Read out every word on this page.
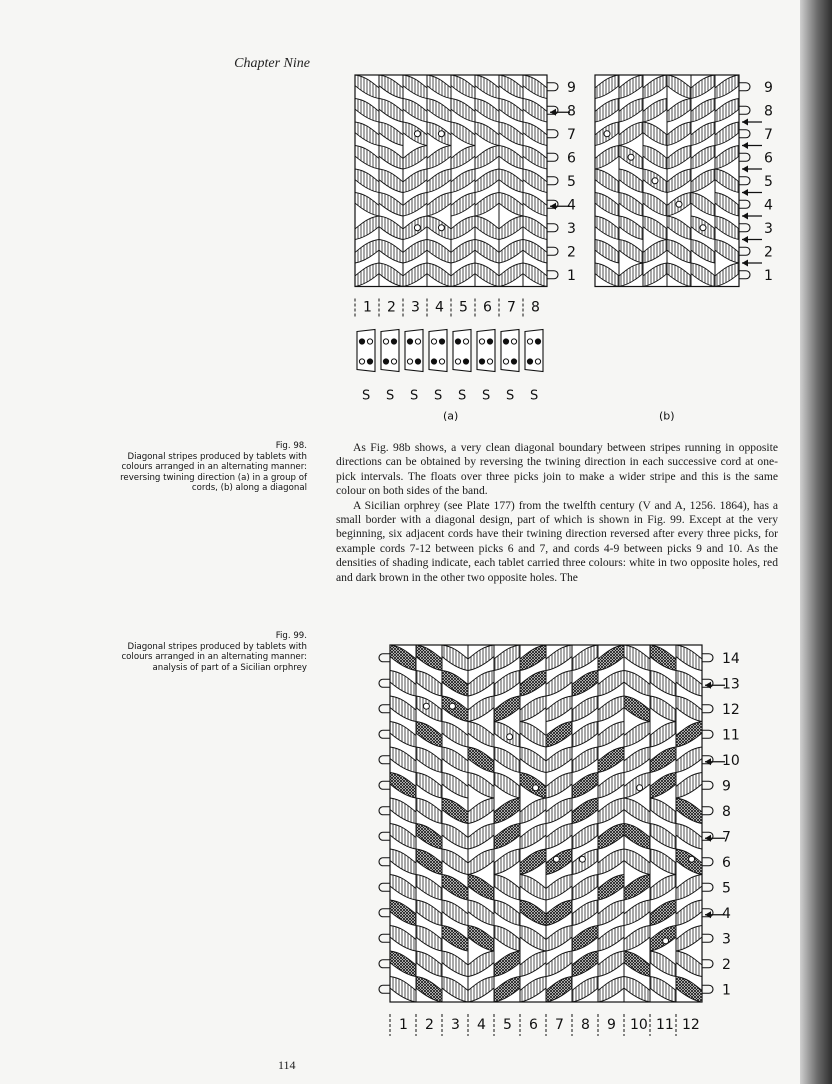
Chapter Nine
9
8
7
6
5
4
3
2
1
1 2 3 4 5 6 7 8
S S S S S S S S
(a)
9
8
7
6
5
4
3
2
1
(b)
14
13
12
11
10
9
8
7
6
5
4
3
2
1
1 2 3 4 5 6 7 8 9 10 11 12
Fig. 98.
Diagonal stripes produced by tablets with colours arranged in an alternating manner: reversing twining direction (a) in a group of cords, (b) along a diagonal
Fig. 99.
Diagonal stripes produced by tablets with colours arranged in an alternating manner: analysis of part of a Sicilian orphrey

As Fig. 98b shows, a very clean diagonal boundary between stripes running in opposite directions can be obtained by reversing the twining direction in each successive cord at one-pick intervals. The floats over three picks join to make a wider stripe and this is the same colour on both sides of the band.

A Sicilian orphrey (see Plate 177) from the twelfth century (V and A, 1256. 1864), has a small border with a diagonal design, part of which is shown in Fig. 99. Except at the very beginning, six adjacent cords have their twining direction reversed after every three picks, for example cords 7-12 between picks 6 and 7, and cords 4-9 between picks 9 and 10. As the densities of shading indicate, each tablet carried three colours: white in two opposite holes, red and dark brown in the other two opposite holes. The

114
